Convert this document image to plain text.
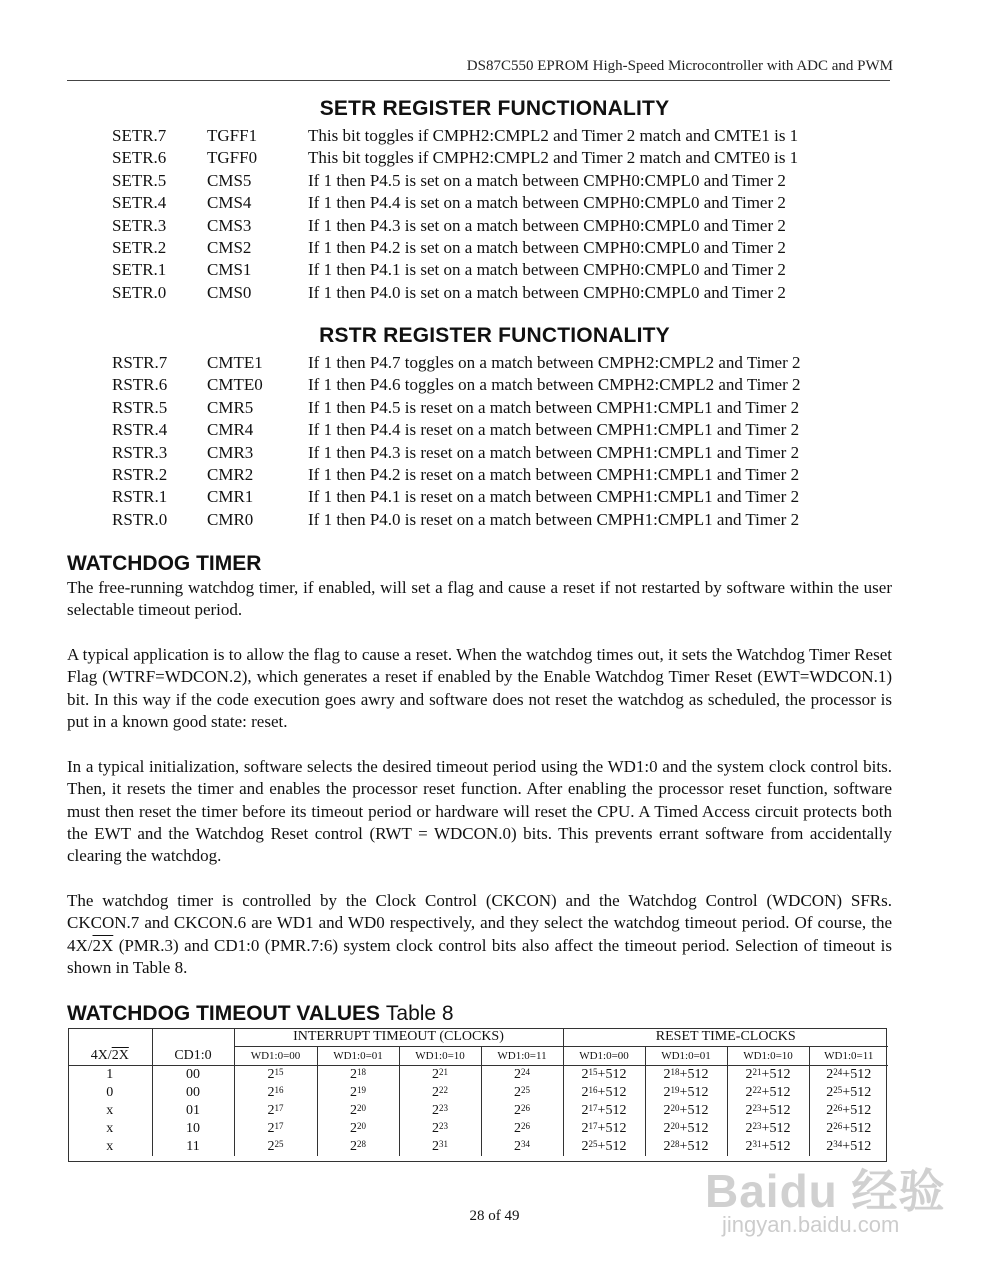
DS87C550 EPROM High-Speed Microcontroller with ADC and PWM
SETR REGISTER FUNCTIONALITY
SETR.7 TGFF1	This bit toggles if CMPH2:CMPL2 and Timer 2 match and CMTE1 is 1
SETR.6 TGFF0	This bit toggles if CMPH2:CMPL2 and Timer 2 match and CMTE0 is 1
SETR.5 CMS5	If 1 then P4.5 is set on a match between CMPH0:CMPL0 and Timer 2
SETR.4 CMS4	If 1 then P4.4 is set on a match between CMPH0:CMPL0 and Timer 2
SETR.3 CMS3	If 1 then P4.3 is set on a match between CMPH0:CMPL0 and Timer 2
SETR.2 CMS2	If 1 then P4.2 is set on a match between CMPH0:CMPL0 and Timer 2
SETR.1 CMS1	If 1 then P4.1 is set on a match between CMPH0:CMPL0 and Timer 2
SETR.0 CMS0	If 1 then P4.0 is set on a match between CMPH0:CMPL0 and Timer 2
RSTR REGISTER FUNCTIONALITY
RSTR.7 CMTE1	If 1 then P4.7 toggles on a match between CMPH2:CMPL2 and Timer 2
RSTR.6 CMTE0	If 1 then P4.6 toggles on a match between CMPH2:CMPL2 and Timer 2
RSTR.5 CMR5	If 1 then P4.5 is reset on a match between CMPH1:CMPL1 and Timer 2
RSTR.4 CMR4	If 1 then P4.4 is reset on a match between CMPH1:CMPL1 and Timer 2
RSTR.3 CMR3	If 1 then P4.3 is reset on a match between CMPH1:CMPL1 and Timer 2
RSTR.2 CMR2	If 1 then P4.2 is reset on a match between CMPH1:CMPL1 and Timer 2
RSTR.1 CMR1	If 1 then P4.1 is reset on a match between CMPH1:CMPL1 and Timer 2
RSTR.0 CMR0	If 1 then P4.0 is reset on a match between CMPH1:CMPL1 and Timer 2
WATCHDOG TIMER
The free-running watchdog timer, if enabled, will set a flag and cause a reset if not restarted by software within the user selectable timeout period.
A typical application is to allow the flag to cause a reset. When the watchdog times out, it sets the Watchdog Timer Reset Flag (WTRF=WDCON.2), which generates a reset if enabled by the Enable Watchdog Timer Reset (EWT=WDCON.1) bit. In this way if the code execution goes awry and software does not reset the watchdog as scheduled, the processor is put in a known good state: reset.
In a typical initialization, software selects the desired timeout period using the WD1:0 and the system clock control bits. Then, it resets the timer and enables the processor reset function. After enabling the processor reset function, software must then reset the timer before its timeout period or hardware will reset the CPU. A Timed Access circuit protects both the EWT and the Watchdog Reset control (RWT = WDCON.0) bits. This prevents errant software from accidentally clearing the watchdog.
The watchdog timer is controlled by the Clock Control (CKCON) and the Watchdog Control (WDCON) SFRs. CKCON.7 and CKCON.6 are WD1 and WD0 respectively, and they select the watchdog timeout period. Of course, the 4X/2X (PMR.3) and CD1:0 (PMR.7:6) system clock control bits also affect the timeout period. Selection of timeout is shown in Table 8.
WATCHDOG TIMEOUT VALUES Table 8
		INTERRUPT TIMEOUT (CLOCKS)				RESET TIME-CLOCKS			
4X/2X	CD1:0	WD1:0=00	WD1:0=01	WD1:0=10	WD1:0=11	WD1:0=00	WD1:0=01	WD1:0=10	WD1:0=11
1	00	$2^{15}$	$2^{18}$	$2^{21}$	$2^{24}$	$2^{15}+512$	$2^{18}+512$	$2^{21}+512$	$2^{24}+512$
0	00	$2^{16}$	$2^{19}$	$2^{22}$	$2^{25}$	$2^{16}+512$	$2^{19}+512$	$2^{22}+512$	$2^{25}+512$
x	01	$2^{17}$	$2^{20}$	$2^{23}$	$2^{26}$	$2^{17}+512$	$2^{20}+512$	$2^{23}+512$	$2^{26}+512$
x	10	$2^{17}$	$2^{20}$	$2^{23}$	$2^{26}$	$2^{17}+512$	$2^{20}+512$	$2^{23}+512$	$2^{26}+512$
x	11	$2^{25}$	$2^{28}$	$2^{31}$	$2^{34}$	$2^{25}+512$	$2^{28}+512$	$2^{31}+512$	$2^{34}+512$
28 of 49	Baidu 经验
jingyan.baidu.com
